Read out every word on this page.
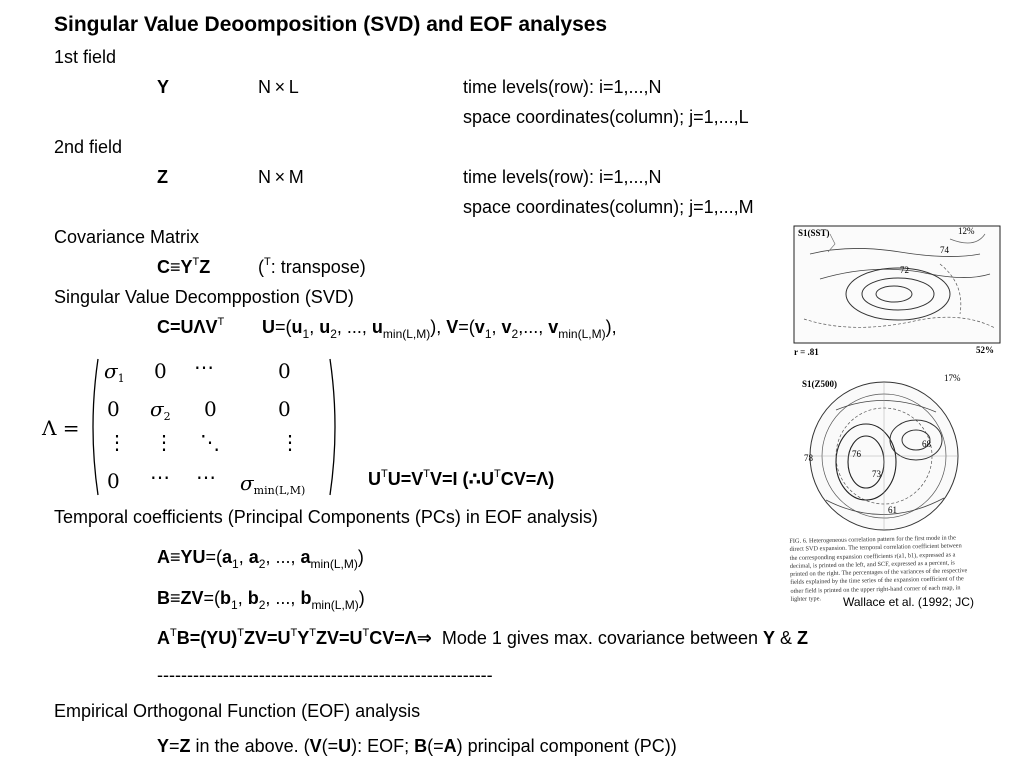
Singular Value Deoomposition (SVD) and EOF analyses
1st field
Y	N × L	time levels(row): i=1,...,N
space coordinates(column); j=1,...,L
2nd field
Z	N × M	time levels(row): i=1,...,N
space coordinates(column); j=1,...,M
Covariance Matrix
$C\equiv Y^TZ$	($^T$: transpose)
Singular Value Decomppostion (SVD)
$C=U\Lambda V^T$ $U=(u_1$, $u_2$, ..., $u_{min(L,M)}$), $V=(v_1$, $v_2$,..., $v_{min(L,M)}$),
Λ =
$\sigma_1$ 0 ⋯	0
0 $\sigma_2$ 0	0
⋮ ⋮ ⋱	⋮
0 ⋯ ⋯ $\sigma_{min(L,M)}$
$U^TU=V^TV=I$ $(\therefore U^TCV=\Lambda)$
Temporal coefficients (Principal Components (PCs) in EOF analysis)
$A\equiv YU=(a_1$, $a_2$, ..., $a_{min(L,M)}$)
$B\equiv ZV=(b_1$, $b_2$, ..., $b_{min(L,M)}$)
$A^TB=(YU)^TZV=U^TY^TZV=U^TCV=\Lambda\Rightarrow$  Mode 1 gives max. covariance between Y & Z
--------------------------------------------------------
Empirical Orthogonal Function (EOF) analysis
Y=Z in the above. (V(=U): EOF; B(=A) principal component (PC))
S1(SST)	12%
74
72
r = .81	52%
S1(Z500)
17%
78	76
73
68
61
FIG. 6. Heterogeneous correlation pattern for the first mode in the direct SVD expansion. The temporal correlation coefficient between the corresponding expansion coefficients r(a1, b1), expressed as a decimal, is printed on the left, and SCF, expressed as a percent, is printed on the right. The percentages of the variances of the respective fields explained by the time series of the expansion coefficient of the other field is printed on the upper right-hand corner of each map, in lighter type.	Wallace et al. (1992; JC)
